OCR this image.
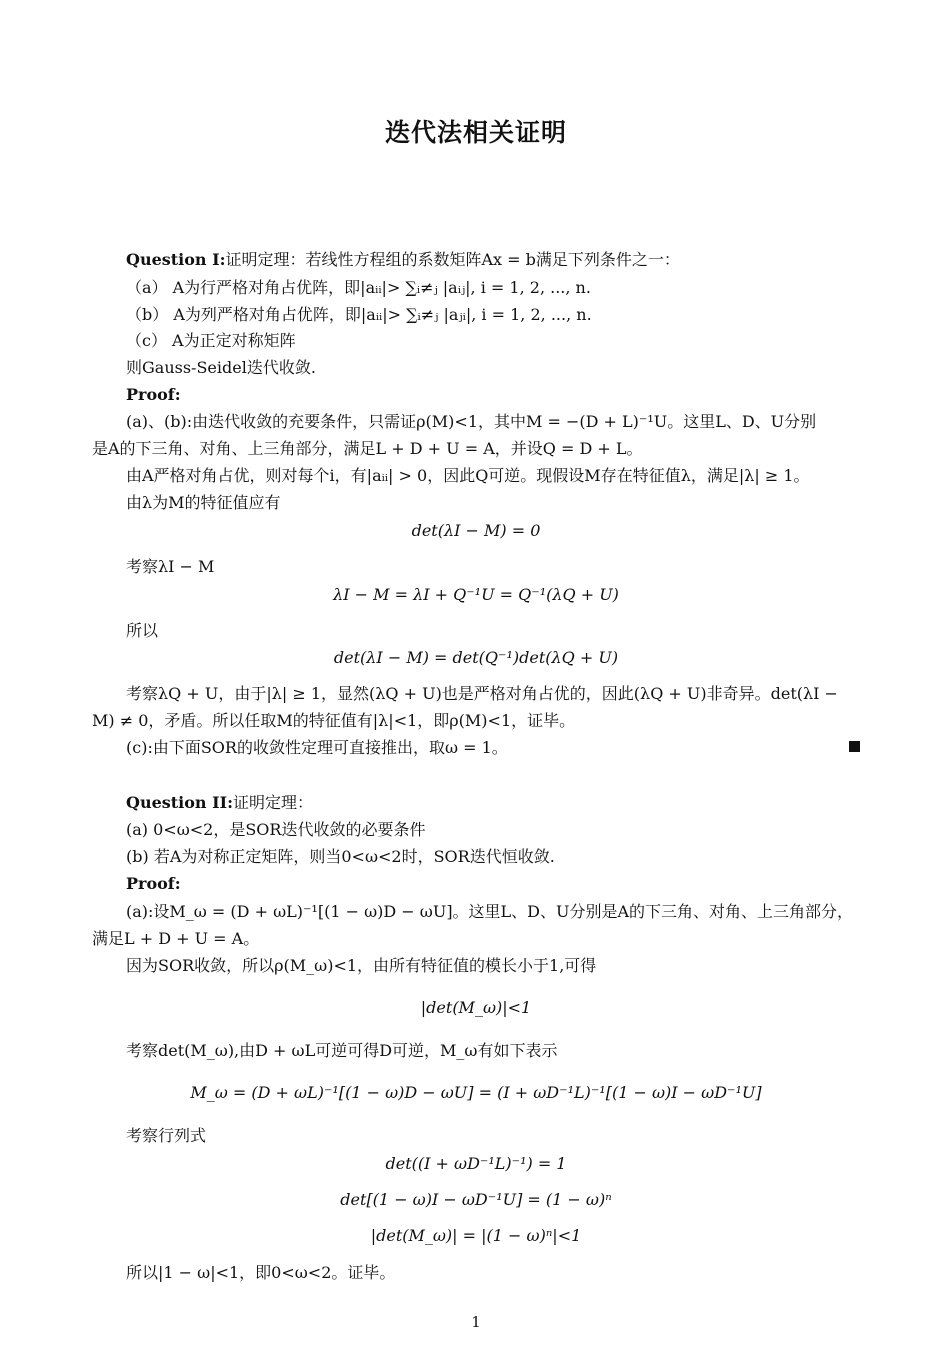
迭代法相关证明
Question I:证明定理：若线性方程组的系数矩阵Ax = b满足下列条件之一：
（a） A为行严格对角占优阵，即|aᵢᵢ|> ∑ᵢ≠ⱼ |aᵢⱼ|, i = 1, 2, ..., n.
（b） A为列严格对角占优阵，即|aᵢᵢ|> ∑ᵢ≠ⱼ |aⱼᵢ|, i = 1, 2, ..., n.
（c） A为正定对称矩阵
则Gauss-Seidel迭代收敛.
Proof:
(a)、(b):由迭代收敛的充要条件，只需证ρ(M)<1，其中M = −(D + L)⁻¹U。这里L、D、U分别
是A的下三角、对角、上三角部分，满足L + D + U = A，并设Q = D + L。
由A严格对角占优，则对每个i，有|aᵢᵢ| > 0，因此Q可逆。现假设M存在特征值λ，满足|λ| ≥ 1。
由λ为M的特征值应有
det(λI − M) = 0
考察λI − M
λI − M = λI + Q⁻¹U = Q⁻¹(λQ + U)
所以
det(λI − M) = det(Q⁻¹)det(λQ + U)
考察λQ + U，由于|λ| ≥ 1，显然(λQ + U)也是严格对角占优的，因此(λQ + U)非奇异。det(λI −
M) ≠ 0，矛盾。所以任取M的特征值有|λ|<1，即ρ(M)<1，证毕。
(c):由下面SOR的收敛性定理可直接推出，取ω = 1。
Question II:证明定理：
(a) 0<ω<2，是SOR迭代收敛的必要条件
(b) 若A为对称正定矩阵，则当0<ω<2时，SOR迭代恒收敛.
Proof:
(a):设M_ω = (D + ωL)⁻¹[(1 − ω)D − ωU]。这里L、D、U分别是A的下三角、对角、上三角部分，
满足L + D + U = A。
因为SOR收敛，所以ρ(M_ω)<1，由所有特征值的模长小于1,可得
|det(M_ω)|<1
考察det(M_ω),由D + ωL可逆可得D可逆，M_ω有如下表示
M_ω = (D + ωL)⁻¹[(1 − ω)D − ωU] = (I + ωD⁻¹L)⁻¹[(1 − ω)I − ωD⁻¹U]
考察行列式
det((I + ωD⁻¹L)⁻¹) = 1
det[(1 − ω)I − ωD⁻¹U] = (1 − ω)ⁿ
|det(M_ω)| = |(1 − ω)ⁿ|<1
所以|1 − ω|<1，即0<ω<2。证毕。
1
